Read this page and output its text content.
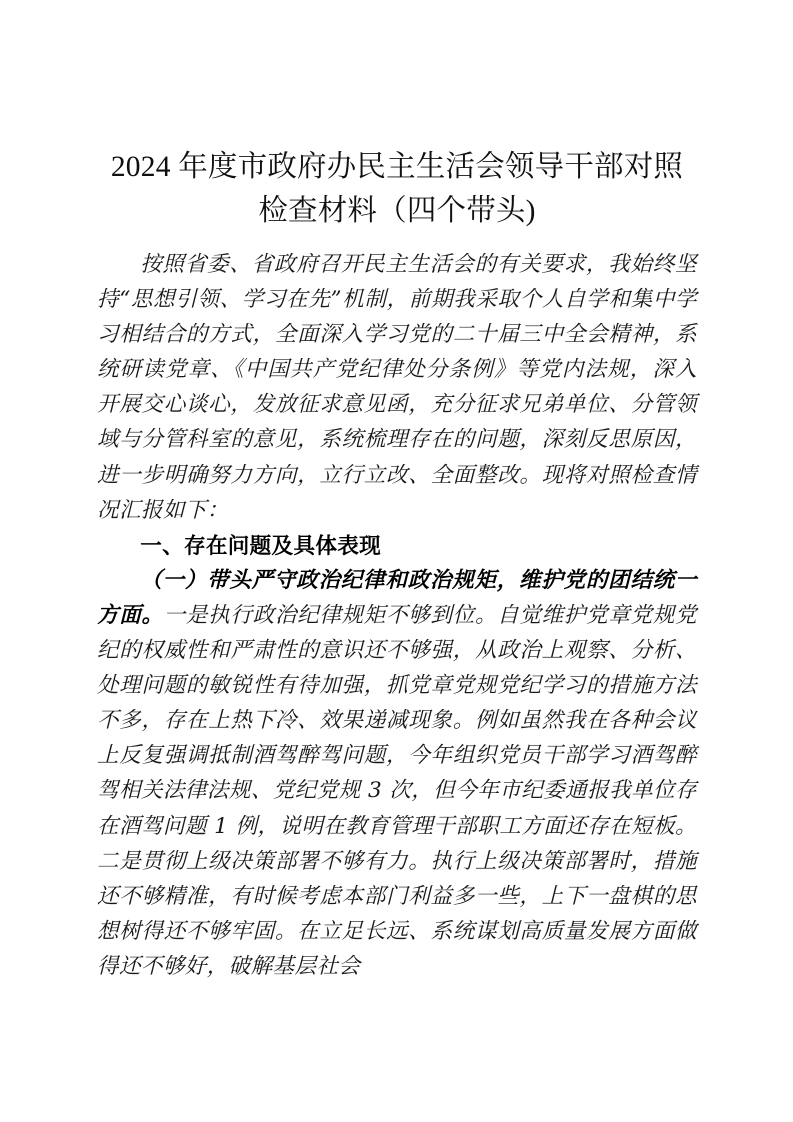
2024 年度市政府办民主生活会领导干部对照
检查材料（四个带头)

按照省委、省政府召开民主生活会的有关要求，我始终坚持“思想引领、学习在先”机制，前期我采取个人自学和集中学习相结合的方式，全面深入学习党的二十届三中全会精神，系统研读党章、《中国共产党纪律处分条例》等党内法规，深入开展交心谈心，发放征求意见函，充分征求兄弟单位、分管领域与分管科室的意见，系统梳理存在的问题，深刻反思原因，进一步明确努力方向，立行立改、全面整改。现将对照检查情况汇报如下：

一、存在问题及具体表现

（一）带头严守政治纪律和政治规矩，维护党的团结统一方面。一是执行政治纪律规矩不够到位。自觉维护党章党规党纪的权威性和严肃性的意识还不够强，从政治上观察、分析、处理问题的敏锐性有待加强，抓党章党规党纪学习的措施方法不多，存在上热下冷、效果递减现象。例如虽然我在各种会议上反复强调抵制酒驾醉驾问题，今年组织党员干部学习酒驾醉驾相关法律法规、党纪党规 3 次，但今年市纪委通报我单位存在酒驾问题 1 例，说明在教育管理干部职工方面还存在短板。二是贯彻上级决策部署不够有力。执行上级决策部署时，措施还不够精准，有时候考虑本部门利益多一些，上下一盘棋的思想树得还不够牢固。在立足长远、系统谋划高质量发展方面做得还不够好，破解基层社会
